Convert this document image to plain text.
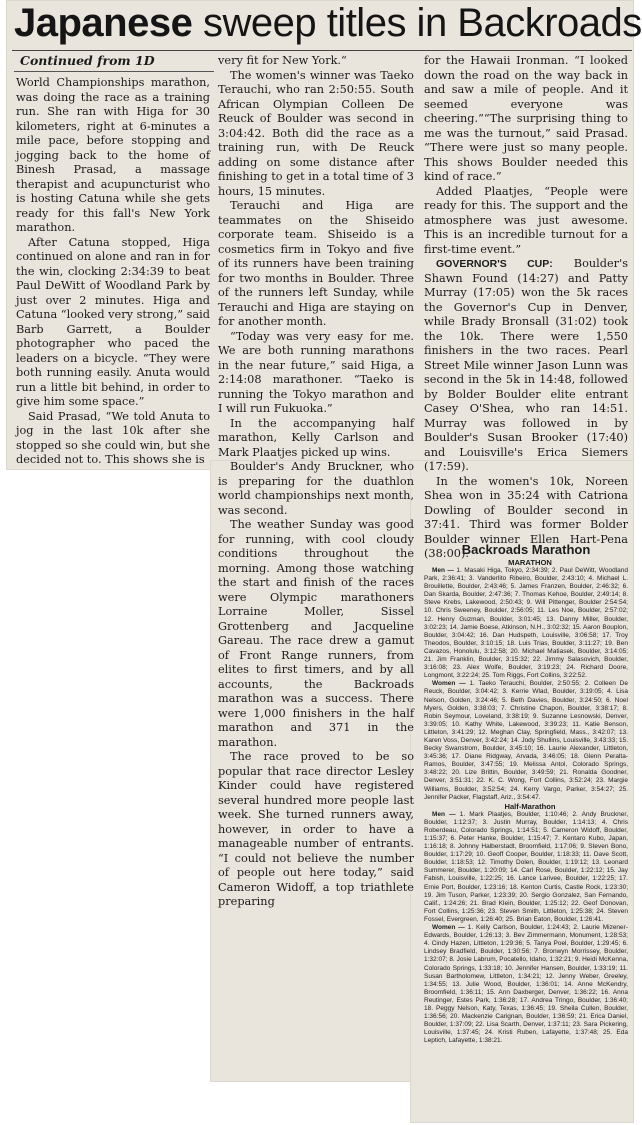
Japanese sweep titles in Backroads
Continued from 1D

World Championships marathon, was doing the race as a training run. She ran with Higa for 30 kilometers, right at 6-minutes a mile pace, before stopping and jogging back to the home of Binesh Prasad, a massage therapist and acupuncturist who is hosting Catuna while she gets ready for this fall's New York marathon.

After Catuna stopped, Higa continued on alone and ran in for the win, clocking 2:34:39 to beat Paul DeWitt of Woodland Park by just over 2 minutes. Higa and Catuna “looked very strong,” said Barb Garrett, a Boulder photographer who paced the leaders on a bicycle. “They were both running easily. Anuta would run a little bit behind, in order to give him some space.”

Said Prasad, “We told Anuta to jog in the last 10k after she stopped so she could win, but she decided not to. This shows she is

very fit for New York.“

The women's winner was Taeko Terauchi, who ran 2:50:55. South African Olympian Colleen De Reuck of Boulder was second in 3:04:42. Both did the race as a training run, with De Reuck adding on some distance after finishing to get in a total time of 3 hours, 15 minutes.

Terauchi and Higa are teammates on the Shiseido corporate team. Shiseido is a cosmetics firm in Tokyo and five of its runners have been training for two months in Boulder. Three of the runners left Sunday, while Terauchi and Higa are staying on for another month.

“Today was very easy for me. We are both running marathons in the near future,” said Higa, a 2:14:08 marathoner. “Taeko is running the Tokyo marathon and I will run Fukuoka.”

In the accompanying half marathon, Kelly Carlson and Mark Plaatjes picked up wins.

Boulder's Andy Bruckner, who is preparing for the duathlon world championships next month, was second.

The weather Sunday was good for running, with cool cloudy conditions throughout the morning. Among those watching the start and finish of the races were Olympic marathoners Lorraine Moller, Sissel Grottenberg and Jacqueline Gareau. The race drew a gamut of Front Range runners, from elites to first timers, and by all accounts, the Backroads marathon was a success. There were 1,000 finishers in the half marathon and 371 in the marathon.

The race proved to be so popular that race director Lesley Kinder could have registered several hundred more people last week. She turned runners away, however, in order to have a manageable number of entrants. “I could not believe the number of people out here today,” said Cameron Widoff, a top triathlete preparing

for the Hawaii Ironman. “I looked down the road on the way back in and saw a mile of people. And it seemed everyone was cheering.”“The surprising thing to me was the turnout,” said Prasad. “There were just so many people. This shows Boulder needed this kind of race.”

Added Plaatjes, “People were ready for this. The support and the atmosphere was just awesome. This is an incredible turnout for a first-time event.”

GOVERNOR'S CUP: Boulder's Shawn Found (14:27) and Patty Murray (17:05) won the 5k races the Governor's Cup in Denver, while Brady Bronsall (31:02) took the 10k. There were 1,550 finishers in the two races. Pearl Street Mile winner Jason Lunn was second in the 5k in 14:48, followed by Bolder Boulder elite entrant Casey O'Shea, who ran 14:51. Murray was followed in by Boulder's Susan Brooker (17:40) and Louisville's Erica Siemers (17:59).

In the women's 10k, Noreen Shea won in 35:24 with Catriona Dowling of Boulder second in 37:41. Third was former Bolder Boulder winner Ellen Hart-Pena (38:00).

Backroads Marathon

MARATHON

Men — 1. Masaki Higa, Tokyo, 2:34:39; 2. Paul DeWitt, Woodland Park, 2:36:41; 3. Vanderlito Ribeiro, Boulder, 2:43:10; 4. Michael L. Brouillette, Boulder, 2:43:46; 5. James Franzen, Boulder, 2:46:32; 6. Dan Skarda, Boulder, 2:47:36; 7. Thomas Kehoe, Boulder, 2:49:14; 8. Steve Krebs, Lakewood, 2:50:43; 9. Will Pittenger, Boulder 2:54:54; 10. Chris Sweeney, Boulder, 2:56:05; 11. Les Noe, Boulder, 2:57:02; 12. Henry Guzman, Boulder, 3:01:45; 13. Danny Miller, Boulder, 3:02:23; 14. Jamie Boese, Atkinson, N.H., 3:02:32; 15. Aaron Bouplon, Boulder, 3:04:42; 16. Dan Hudspeth, Louisville, 3:06:58; 17. Troy Theodos, Boulder, 3:10:15; 18. Luis Trias, Boulder, 3:11:27; 19. Ben Cavazos, Honolulu, 3:12:58; 20. Michael Matiasek, Boulder, 3:14:05; 21. Jim Franklin, Boulder, 3:15:32; 22. Jimmy Salasovich, Boulder, 3:16:08; 23. Alex Wolfe, Boulder, 3:19:23; 24. Richard Doore, Longmont, 3:22:24; 25. Tom Riggs, Fort Collins, 3:22:52.

Women — 1. Taeko Terauchi, Boulder, 2:50:55; 2. Colleen De Reuck, Boulder, 3:04:42; 3. Kerrie Wlad, Boulder, 3:19:05; 4. Lisa Nelson, Golden, 3:24:46; 5. Beth Davies, Boulder, 3:24:50; 6. Noel Myers, Golden, 3:38:03; 7. Christine Chapon, Boulder, 3:38:17; 8. Robin Seymour, Loveland, 3:38:19; 9. Suzanne Lesnowski, Denver, 3:39:05; 10. Kathy White, Lakewood, 3:39:23; 11. Katie Benson, Littleton, 3:41:29; 12. Meghan Clay, Springfield, Mass., 3:42:07; 13. Karen Voss, Denver, 3:42:24; 14. Jody Shullins, Louisville, 3:43:33; 15. Becky Swanstrom, Boulder, 3:45:10; 16. Laurie Alexander, Littleton, 3:45:36; 17. Diane Ridgway, Arvada, 3:46:05; 18. Glenn Peralta-Ramos, Boulder, 3:47:55; 19. Melissa Antol, Colorado Springs, 3:48:22; 20. Lize Brittin, Boulder, 3:49:59; 21. Ronalda Goodner, Denver, 3:51:31; 22. K. C. Wong, Fort Collins, 3:52:24; 23. Margie Williams, Boulder, 3:52:54; 24. Kerry Vargo, Parker, 3:54:27; 25. Jennifer Packer, Flagstaff, Ariz., 3:54:47.

Half-Marathon

Men — 1. Mark Plaatjes, Boulder, 1:10:46; 2. Andy Bruckner, Boulder, 1:12:37; 3. Justin Murray, Boulder, 1:14:13; 4. Chris Roberdeau, Colorado Springs, 1:14:51; 5. Cameron Widoff, Boulder, 1:15:37; 6. Peter Hanke, Boulder, 1:15:47; 7. Kentaro Kubo, Japan, 1:16:18; 8. Johnny Halberstadt, Broomfield, 1:17:06; 9. Steven Bono, Boulder, 1:17:29; 10. Geoff Cooper, Boulder, 1:18:33; 11. Dave Scott, Boulder, 1:18:53; 12. Timothy Dolen, Boulder, 1:19:12; 13. Leonard Summerer, Boulder, 1:20:09; 14. Carl Rose, Boulder, 1:22:12; 15. Jay Fabish, Louisville, 1:22:25; 16. Lance Larivee, Boulder, 1:22:25; 17. Ernie Port, Boulder, 1:23:16; 18. Kenton Curtis, Castle Rock, 1:23:30; 19. Jim Tuson, Parker, 1:23:39; 20. Sergio Gonzalez, San Fernando, Calif., 1:24:26; 21. Brad Klein, Boulder, 1:25:12; 22. Geof Donovan, Fort Collins, 1:25:36; 23. Steven Smith, Littleton, 1:25:38; 24. Steven Fossel, Evergreen, 1:26:40; 25. Brian Eaton, Boulder, 1:26:41.

Women — 1. Kelly Carlson, Boulder, 1:24:43; 2. Laurie Mizener-Edwards, Boulder, 1:26:13; 3. Bev Zimmermann, Monument, 1:28:53; 4. Cindy Hazen, Littleton, 1:29:36; 5. Tanya Poel, Boulder, 1:29:45; 6. Lindsey Bradfield, Boulder, 1:30:56; 7. Bronwyn Morrissey, Boulder, 1:32:07; 8. Josie Labrum, Pocatello, Idaho, 1:32:21; 9. Heidi McKenna, Colorado Springs, 1:33:18; 10. Jennifer Hansen, Boulder, 1:33:19; 11. Susan Bartholomew, Littleton, 1:34:21; 12. Jenny Weber, Greeley, 1:34:55; 13. Julie Wood, Boulder, 1:36:01; 14. Anne McKendry, Broomfield, 1:36:11; 15. Ann Daxberger, Denver, 1:36:22; 16. Anna Reutinger, Estes Park, 1:36:28; 17. Andrea Tringo, Boulder, 1:36:40; 18. Peggy Nelson, Katy, Texas, 1:36:45; 19. Sheila Cullen, Boulder, 1:36:56; 20. Mackenzie Carignan, Boulder, 1:36:59; 21. Erica Daniel, Boulder, 1:37:09; 22. Lisa Scarth, Denver, 1:37:11; 23. Sara Pickering, Louisville, 1:37:45; 24. Kristi Ruben, Lafayette, 1:37:48; 25. Eda Leptich, Lafayette, 1:38:21.
